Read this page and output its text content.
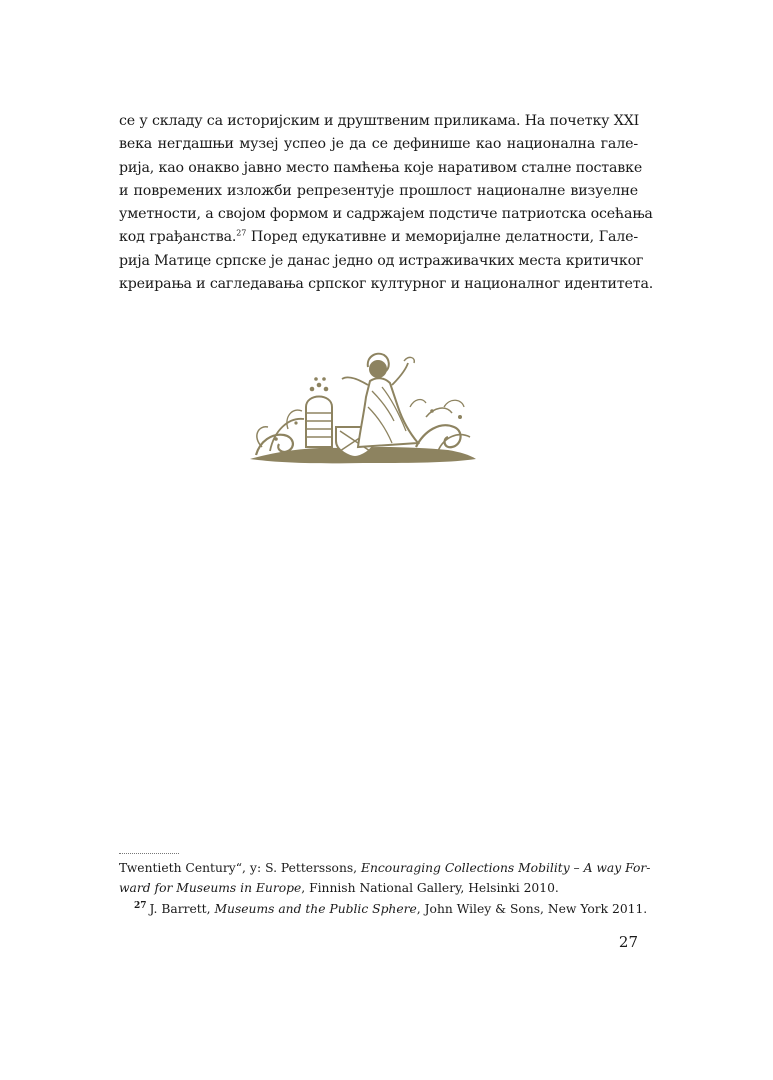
се у складу са историјским и друштвеним приликама. На почетку XXI
века негдашњи музеј успео је да се дефинише као национална гале-
рија, као онакво јавно место памћења које наративом сталне поставке
и повремених изложби репрезентује прошлост националне визуелне
уметности, а својом формом и садржајем подстиче патриотска осећања
код грађанства.$^{27}$ Поред едукативне и меморијалне делатности, Гале-
рија Матице српске је данас једно од истраживачких места критичког
креирања и сагледавања српског културног и националног идентитета.
Twentieth Century“, у: S. Petterssons, Encouraging Collections Mobility – A way For-
ward for Museums in Europe, Finnish National Gallery, Helsinki 2010.
$^{27}$ J. Barrett, Museums and the Public Sphere, John Wiley & Sons, New York 2011.
27
